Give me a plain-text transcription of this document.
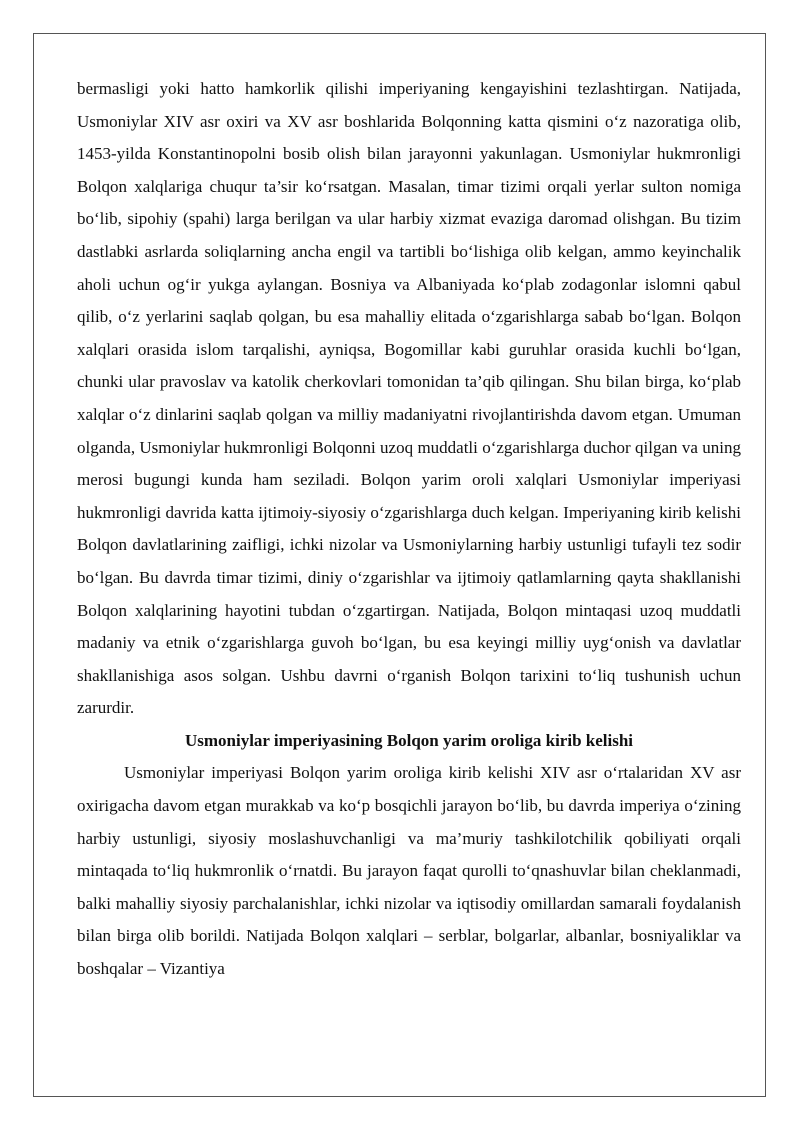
bermasligi yoki hatto hamkorlik qilishi imperiyaning kengayishini tezlashtirgan. Natijada, Usmoniylar XIV asr oxiri va XV asr boshlarida Bolqonning katta qismini o‘z nazoratiga olib, 1453-yilda Konstantinopolni bosib olish bilan jarayonni yakunlagan. Usmoniylar hukmronligi Bolqon xalqlariga chuqur ta’sir ko‘rsatgan. Masalan, timar tizimi orqali yerlar sulton nomiga bo‘lib, sipohiy (spahi) larga berilgan va ular harbiy xizmat evaziga daromad olishgan. Bu tizim dastlabki asrlarda soliqlarning ancha engil va tartibli bo‘lishiga olib kelgan, ammo keyinchalik aholi uchun og‘ir yukga aylangan. Bosniya va Albaniyada ko‘plab zodagonlar islomni qabul qilib, o‘z yerlarini saqlab qolgan, bu esa mahalliy elitada o‘zgarishlarga sabab bo‘lgan. Bolqon xalqlari orasida islom tarqalishi, ayniqsa, Bogomillar kabi guruhlar orasida kuchli bo‘lgan, chunki ular pravoslav va katolik cherkovlari tomonidan ta’qib qilingan. Shu bilan birga, ko‘plab xalqlar o‘z dinlarini saqlab qolgan va milliy madaniyatni rivojlantirishda davom etgan. Umuman olganda, Usmoniylar hukmronligi Bolqonni uzoq muddatli o‘zgarishlarga duchor qilgan va uning merosi bugungi kunda ham seziladi. Bolqon yarim oroli xalqlari Usmoniylar imperiyasi hukmronligi davrida katta ijtimoiy-siyosiy o‘zgarishlarga duch kelgan. Imperiyaning kirib kelishi Bolqon davlatlarining zaifligi, ichki nizolar va Usmoniylarning harbiy ustunligi tufayli tez sodir bo‘lgan. Bu davrda timar tizimi, diniy o‘zgarishlar va ijtimoiy qatlamlarning qayta shakllanishi Bolqon xalqlarining hayotini tubdan o‘zgartirgan. Natijada, Bolqon mintaqasi uzoq muddatli madaniy va etnik o‘zgarishlarga guvoh bo‘lgan, bu esa keyingi milliy uyg‘onish va davlatlar shakllanishiga asos solgan. Ushbu davrni o‘rganish Bolqon tarixini to‘liq tushunish uchun zarurdir.

Usmoniylar imperiyasining Bolqon yarim oroliga kirib kelishi

Usmoniylar imperiyasi Bolqon yarim oroliga kirib kelishi XIV asr o‘rtalaridan XV asr oxirigacha davom etgan murakkab va ko‘p bosqichli jarayon bo‘lib, bu davrda imperiya o‘zining harbiy ustunligi, siyosiy moslashuvchanligi va ma’muriy tashkilotchilik qobiliyati orqali mintaqada to‘liq hukmronlik o‘rnatdi. Bu jarayon faqat qurolli to‘qnashuvlar bilan cheklanmadi, balki mahalliy siyosiy parchalanishlar, ichki nizolar va iqtisodiy omillardan samarali foydalanish bilan birga olib borildi. Natijada Bolqon xalqlari – serblar, bolgarlar, albanlar, bosniyaliklar va boshqalar – Vizantiya
